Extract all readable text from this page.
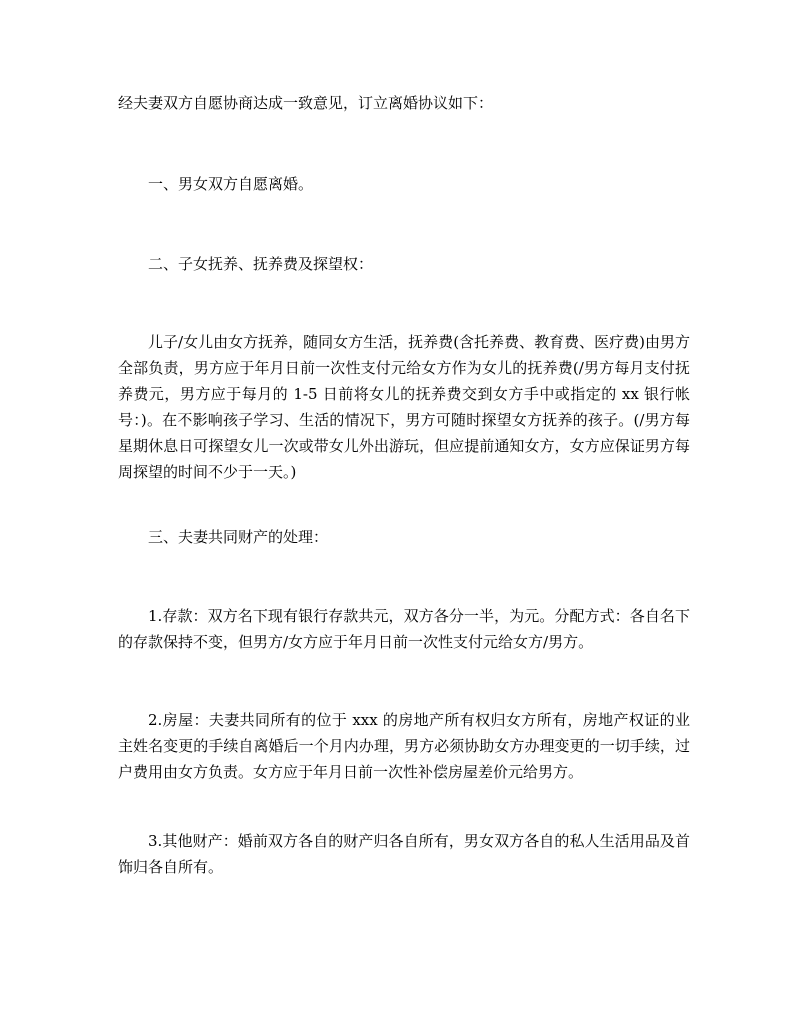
经夫妻双方自愿协商达成一致意见，订立离婚协议如下：

一、男女双方自愿离婚。

二、子女抚养、抚养费及探望权：

儿子/女儿由女方抚养，随同女方生活，抚养费(含托养费、教育费、医疗费)由男方全部负责，男方应于年月日前一次性支付元给女方作为女儿的抚养费(/男方每月支付抚养费元，男方应于每月的 1-5 日前将女儿的抚养费交到女方手中或指定的 xx 银行帐号：)。在不影响孩子学习、生活的情况下，男方可随时探望女方抚养的孩子。(/男方每星期休息日可探望女儿一次或带女儿外出游玩，但应提前通知女方，女方应保证男方每周探望的时间不少于一天。)

三、夫妻共同财产的处理：

1.存款：双方名下现有银行存款共元，双方各分一半，为元。分配方式：各自名下的存款保持不变，但男方/女方应于年月日前一次性支付元给女方/男方。

2.房屋：夫妻共同所有的位于 xxx 的房地产所有权归女方所有，房地产权证的业主姓名变更的手续自离婚后一个月内办理，男方必须协助女方办理变更的一切手续，过户费用由女方负责。女方应于年月日前一次性补偿房屋差价元给男方。

3.其他财产：婚前双方各自的财产归各自所有，男女双方各自的私人生活用品及首饰归各自所有。
